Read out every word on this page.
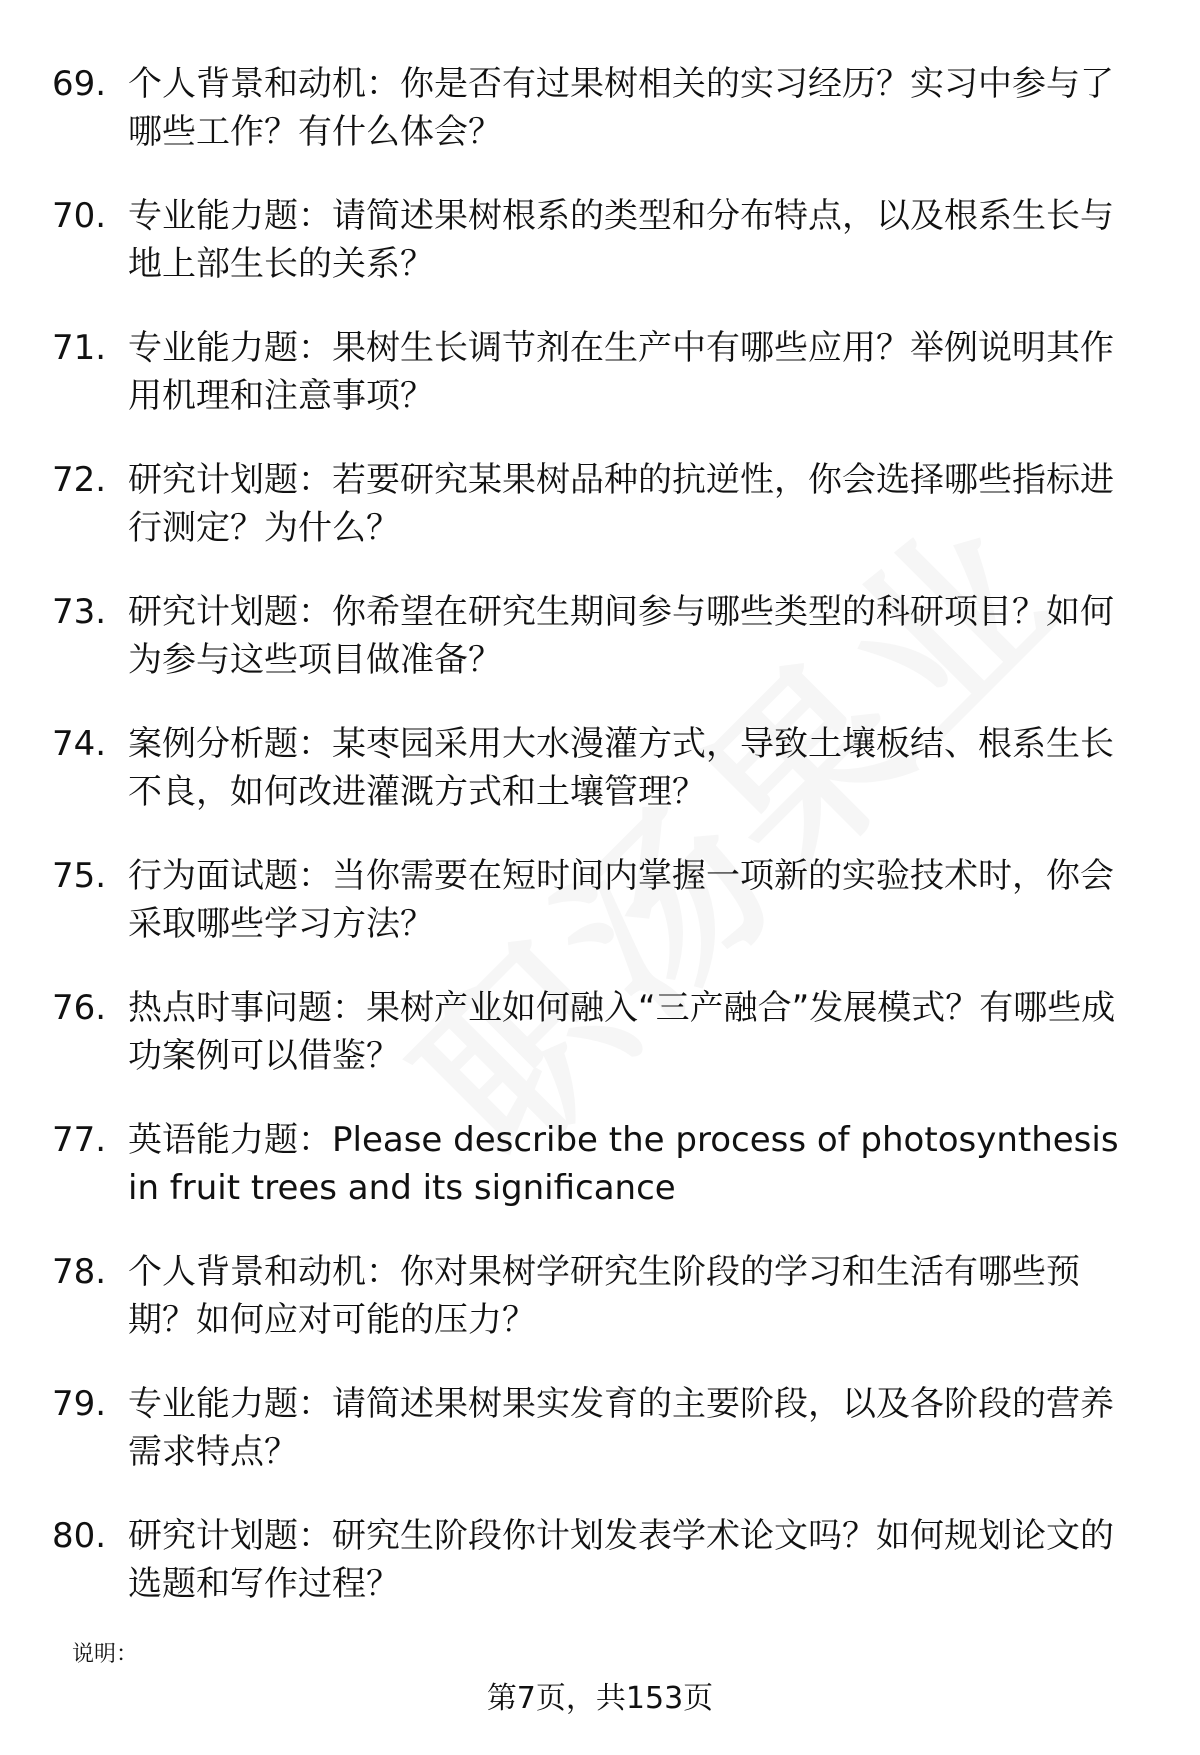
69. 个人背景和动机：你是否有过果树相关的实习经历？实习中参与了哪些工作？有什么体会？
70. 专业能力题：请简述果树根系的类型和分布特点，以及根系生长与地上部生长的关系？
71. 专业能力题：果树生长调节剂在生产中有哪些应用？举例说明其作用机理和注意事项？
72. 研究计划题：若要研究某果树品种的抗逆性，你会选择哪些指标进行测定？为什么？
73. 研究计划题：你希望在研究生期间参与哪些类型的科研项目？如何为参与这些项目做准备？
74. 案例分析题：某枣园采用大水漫灌方式，导致土壤板结、根系生长不良，如何改进灌溉方式和土壤管理？
75. 行为面试题：当你需要在短时间内掌握一项新的实验技术时，你会采取哪些学习方法？
76. 热点时事问题：果树产业如何融入“三产融合”发展模式？有哪些成功案例可以借鉴？
77. 英语能力题：Please describe the process of photosynthesis in fruit trees and its significance
78. 个人背景和动机：你对果树学研究生阶段的学习和生活有哪些预期？如何应对可能的压力？
79. 专业能力题：请简述果树果实发育的主要阶段，以及各阶段的营养需求特点？
80. 研究计划题：研究生阶段你计划发表学术论文吗？如何规划论文的选题和写作过程？
说明：
第7页，共153页
